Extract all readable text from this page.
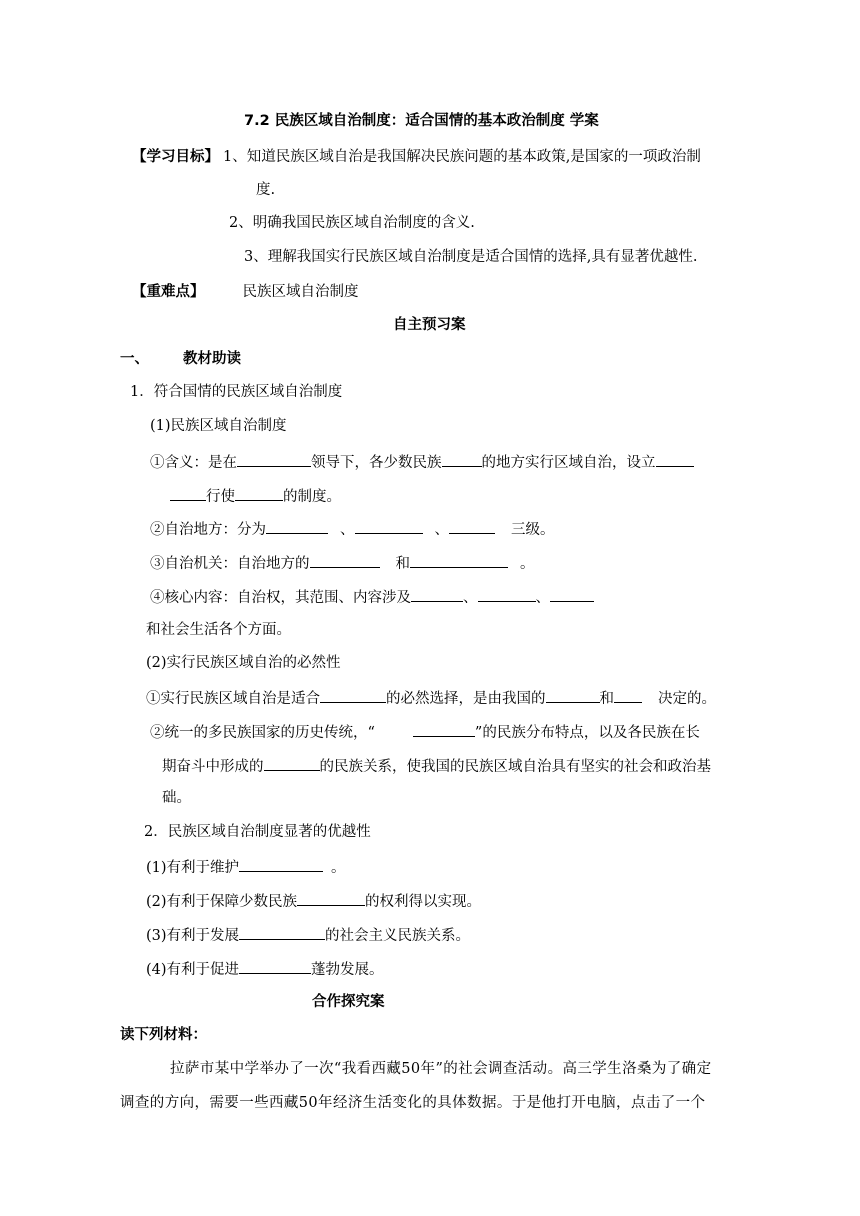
7.2 民族区域自治制度：适合国情的基本政治制度 学案
【学习目标】 1、知道民族区域自治是我国解决民族问题的基本政策,是国家的一项政治制
度.
2、明确我国民族区域自治制度的含义.
3、理解我国实行民族区域自治制度是适合国情的选择,具有显著优越性.
【重难点】	民族区域自治制度
自主预习案
一、 教材助读
1．符合国情的民族区域自治制度
(1)民族区域自治制度
①含义：是在	领导下，各少数民族	的地方实行区域自治，设立
行使	的制度。
②自治地方：分为	、	、	三级。
③自治机关：自治地方的	和	。
④核心内容：自治权，其范围、内容涉及	、	、
和社会生活各个方面。
(2)实行民族区域自治的必然性
①实行民族区域自治是适合	的必然选择，是由我国的	和	决定的。
②统一的多民族国家的历史传统，“	”的民族分布特点，以及各民族在长
期奋斗中形成的	的民族关系，使我国的民族区域自治具有坚实的社会和政治基
础。
2．民族区域自治制度显著的优越性
(1)有利于维护	。
(2)有利于保障少数民族	的权利得以实现。
(3)有利于发展	的社会主义民族关系。
(4)有利于促进	蓬勃发展。
合作探究案
读下列材料：
拉萨市某中学举办了一次“我看西藏50年”的社会调查活动。高三学生洛桑为了确定
调查的方向，需要一些西藏50年经济生活变化的具体数据。于是他打开电脑，点击了一个
